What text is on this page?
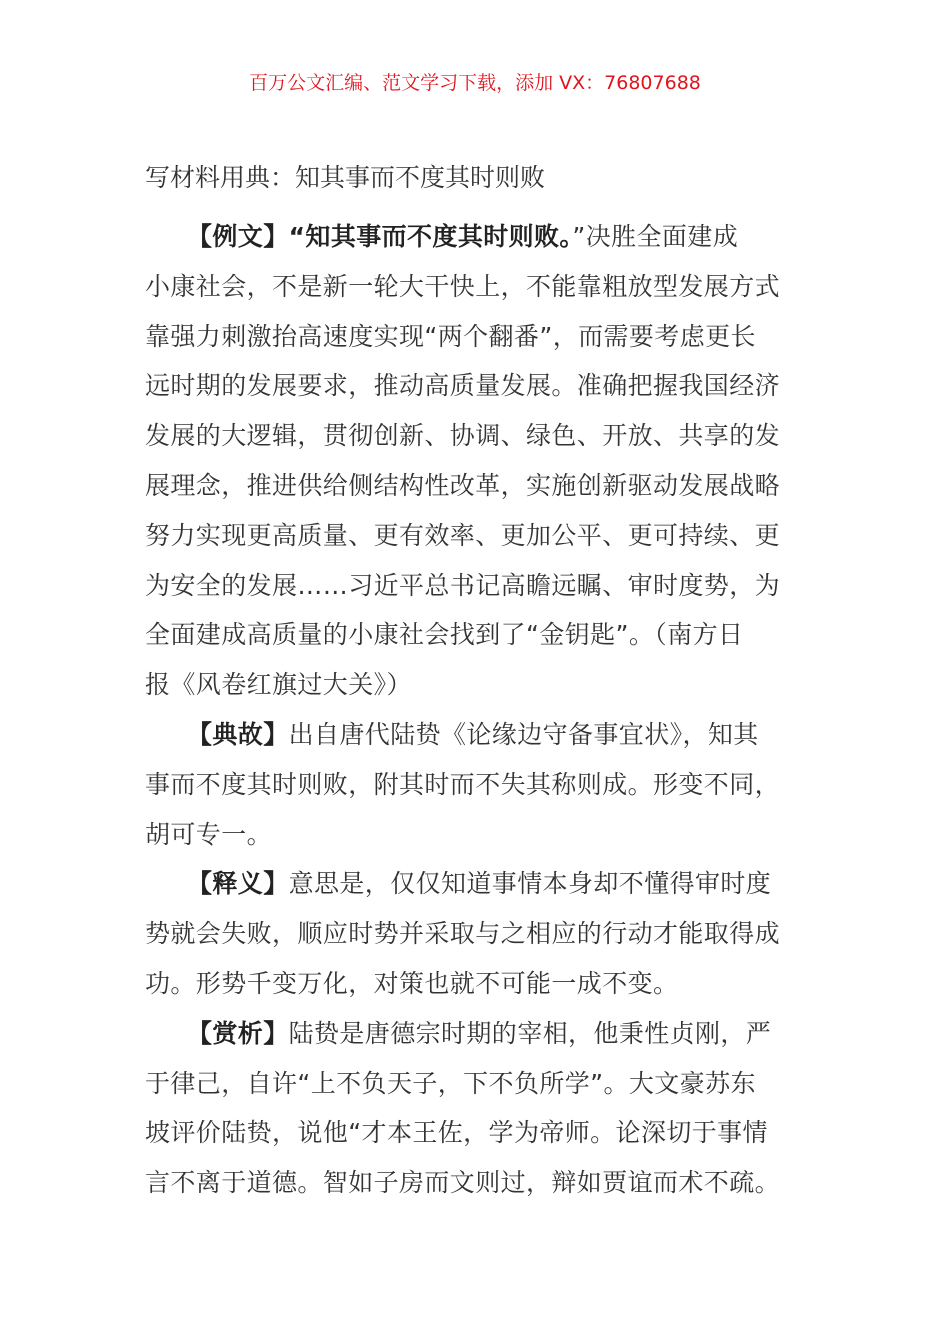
百万公文汇编、范文学习下载，添加 VX：76807688
写材料用典：知其事而不度其时则败
【例文】“知其事而不度其时则败。”决胜全面建成
小康社会，不是新一轮大干快上，不能靠粗放型发展方式
靠强力刺激抬高速度实现“两个翻番”，而需要考虑更长
远时期的发展要求，推动高质量发展。准确把握我国经济
发展的大逻辑，贯彻创新、协调、绿色、开放、共享的发
展理念，推进供给侧结构性改革，实施创新驱动发展战略
努力实现更高质量、更有效率、更加公平、更可持续、更
为安全的发展……习近平总书记高瞻远瞩、审时度势，为
全面建成高质量的小康社会找到了“金钥匙”。（南方日
报《风卷红旗过大关》）
【典故】出自唐代陆贽《论缘边守备事宜状》，知其
事而不度其时则败，附其时而不失其称则成。形变不同，
胡可专一。
【释义】意思是，仅仅知道事情本身却不懂得审时度
势就会失败，顺应时势并采取与之相应的行动才能取得成
功。形势千变万化，对策也就不可能一成不变。
【赏析】陆贽是唐德宗时期的宰相，他秉性贞刚，严
于律己，自许“上不负天子，下不负所学”。大文豪苏东
坡评价陆贽，说他“才本王佐，学为帝师。论深切于事情
言不离于道德。智如子房而文则过，辩如贾谊而术不疏。
